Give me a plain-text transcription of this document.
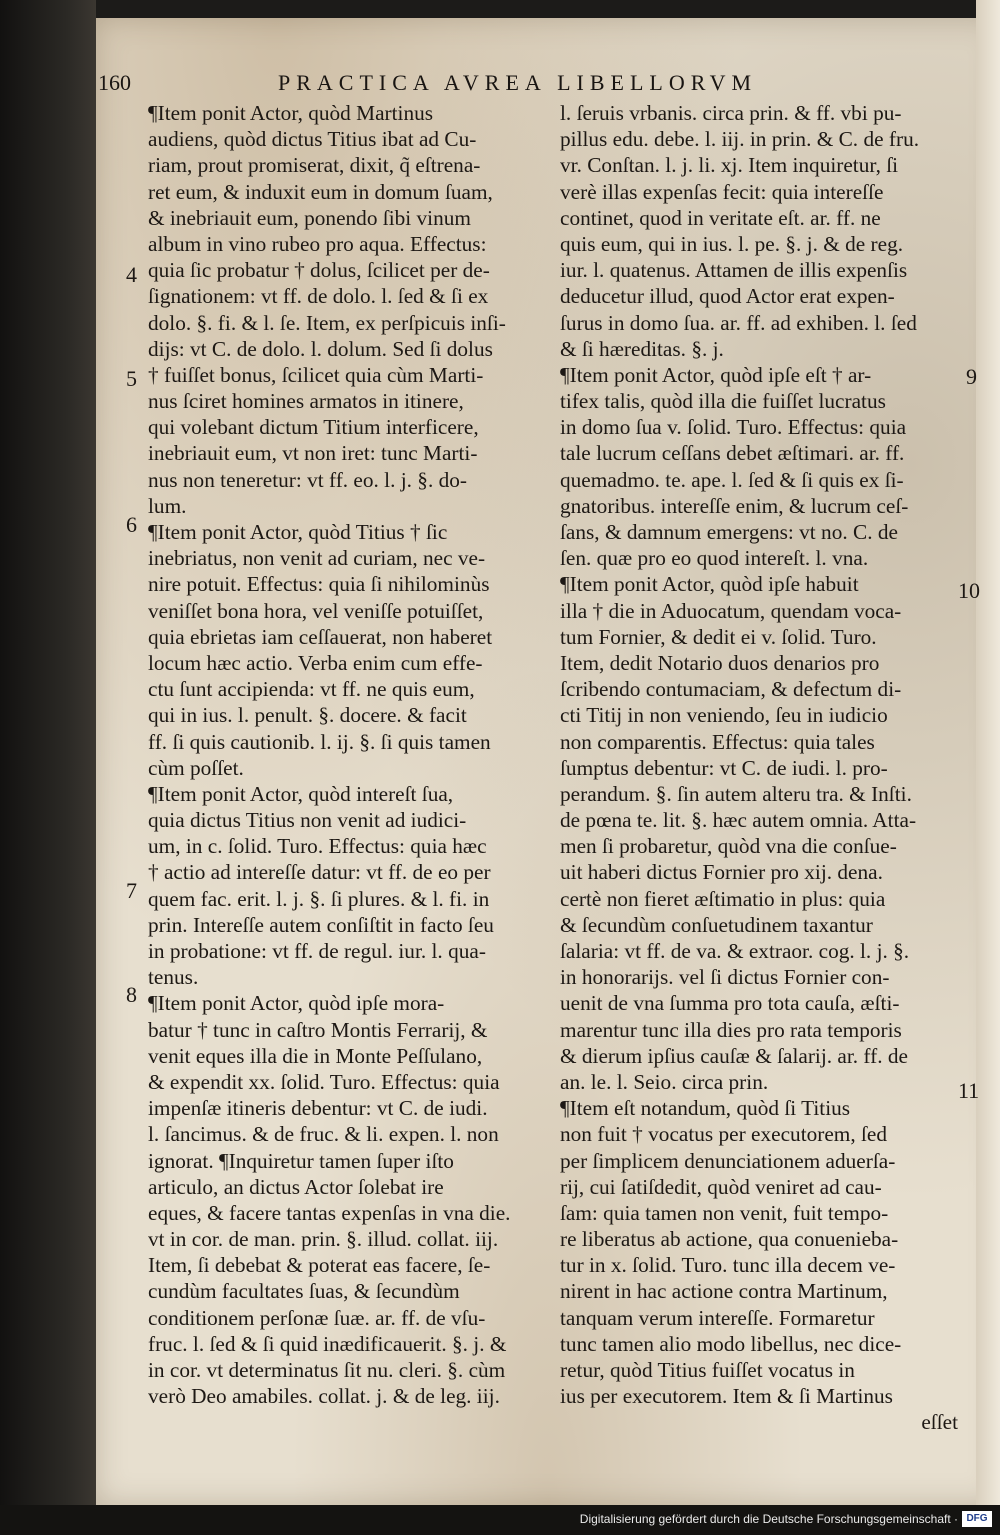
160	PRACTICA AVREA LIBELLORVM
¶Item ponit Actor, quòd Martinus
audiens, quòd dictus Titius ibat ad Cu-
riam, prout promiserat, dixit, q̃ eſtrena-
ret eum, & induxit eum in domum ſuam,
& inebriauit eum, ponendo ſibi vinum
album in vino rubeo pro aqua. Effectus:
quia ſic probatur † dolus, ſcilicet per de-
ſignationem: vt ff. de dolo. l. ſed & ſi ex
dolo. §. fi. & l. ſe. Item, ex perſpicuis inſi-
dijs: vt C. de dolo. l. dolum. Sed ſi dolus
† fuiſſet bonus, ſcilicet quia cùm Marti-
nus ſciret homines armatos in itinere,
qui volebant dictum Titium interficere,
inebriauit eum, vt non iret: tunc Marti-
nus non teneretur: vt ff. eo. l. j. §. do-
lum.
¶Item ponit Actor, quòd Titius † ſic
inebriatus, non venit ad curiam, nec ve-
nire potuit. Effectus: quia ſi nihilominùs
veniſſet bona hora, vel veniſſe potuiſſet,
quia ebrietas iam ceſſauerat, non haberet
locum hæc actio. Verba enim cum effe-
ctu ſunt accipienda: vt ff. ne quis eum,
qui in ius. l. penult. §. docere. & facit
ff. ſi quis cautionib. l. ij. §. ſi quis tamen
cùm poſſet.
¶Item ponit Actor, quòd intereſt ſua,
quia dictus Titius non venit ad iudici-
um, in c. ſolid. Turo. Effectus: quia hæc
† actio ad intereſſe datur: vt ff. de eo per
quem fac. erit. l. j. §. ſi plures. & l. fi. in
prin. Intereſſe autem conſiſtit in facto ſeu
in probatione: vt ff. de regul. iur. l. qua-
tenus.
¶Item ponit Actor, quòd ipſe mora-
batur † tunc in caſtro Montis Ferrarij, &
venit eques illa die in Monte Peſſulano,
& expendit xx. ſolid. Turo. Effectus: quia
impenſæ itineris debentur: vt C. de iudi.
l. ſancimus. & de fruc. & li. expen. l. non
ignorat. ¶Inquiretur tamen ſuper iſto
articulo, an dictus Actor ſolebat ire
eques, & facere tantas expenſas in vna die.
vt in cor. de man. prin. §. illud. collat. iij.
Item, ſi debebat & poterat eas facere, ſe-
cundùm facultates ſuas, & ſecundùm
conditionem perſonæ ſuæ. ar. ff. de vſu-
fruc. l. ſed & ſi quid inædificauerit. §. j. &
in cor. vt determinatus ſit nu. cleri. §. cùm
verò Deo amabiles. collat. j. & de leg. iij.
l. ſeruis vrbanis. circa prin. & ff. vbi pu-
pillus edu. debe. l. iij. in prin. & C. de fru.
vr. Conſtan. l. j. li. xj. Item inquiretur, ſi
verè illas expenſas fecit: quia intereſſe
continet, quod in veritate eſt. ar. ff. ne
quis eum, qui in ius. l. pe. §. j. & de reg.
iur. l. quatenus. Attamen de illis expenſis
deducetur illud, quod Actor erat expen-
ſurus in domo ſua. ar. ff. ad exhiben. l. ſed
& ſi hæreditas. §. j.
¶Item ponit Actor, quòd ipſe eſt † ar-
tifex talis, quòd illa die fuiſſet lucratus
in domo ſua v. ſolid. Turo. Effectus: quia
tale lucrum ceſſans debet æſtimari. ar. ff.
quemadmo. te. ape. l. ſed & ſi quis ex ſi-
gnatoribus. intereſſe enim, & lucrum ceſ-
ſans, & damnum emergens: vt no. C. de
ſen. quæ pro eo quod intereſt. l. vna.
¶Item ponit Actor, quòd ipſe habuit
illa † die in Aduocatum, quendam voca-
tum Fornier, & dedit ei v. ſolid. Turo.
Item, dedit Notario duos denarios pro
ſcribendo contumaciam, & defectum di-
cti Titij in non veniendo, ſeu in iudicio
non comparentis. Effectus: quia tales
ſumptus debentur: vt C. de iudi. l. pro-
perandum. §. ſin autem alteru tra. & Inſti.
de pœna te. lit. §. hæc autem omnia. Atta-
men ſi probaretur, quòd vna die conſue-
uit haberi dictus Fornier pro xij. dena.
certè non fieret æſtimatio in plus: quia
& ſecundùm conſuetudinem taxantur
ſalaria: vt ff. de va. & extraor. cog. l. j. §.
in honorarijs. vel ſi dictus Fornier con-
uenit de vna ſumma pro tota cauſa, æſti-
marentur tunc illa dies pro rata temporis
& dierum ipſius cauſæ & ſalarij. ar. ff. de
an. le. l. Seio. circa prin.
¶Item eſt notandum, quòd ſi Titius
non fuit † vocatus per executorem, ſed
per ſimplicem denunciationem aduerſa-
rij, cui ſatiſdedit, quòd veniret ad cau-
ſam: quia tamen non venit, fuit tempo-
re liberatus ab actione, qua conuenieba-
tur in x. ſolid. Turo. tunc illa decem ve-
nirent in hac actione contra Martinum,
tanquam verum intereſſe. Formaretur
tunc tamen alio modo libellus, nec dice-
retur, quòd Titius fuiſſet vocatus in
ius per executorem. Item & ſi Martinus
eſſet
4
5
6
7
8
9
10
11
Digitalisierung gefördert durch die Deutsche Forschungsgemeinschaft · DFG
